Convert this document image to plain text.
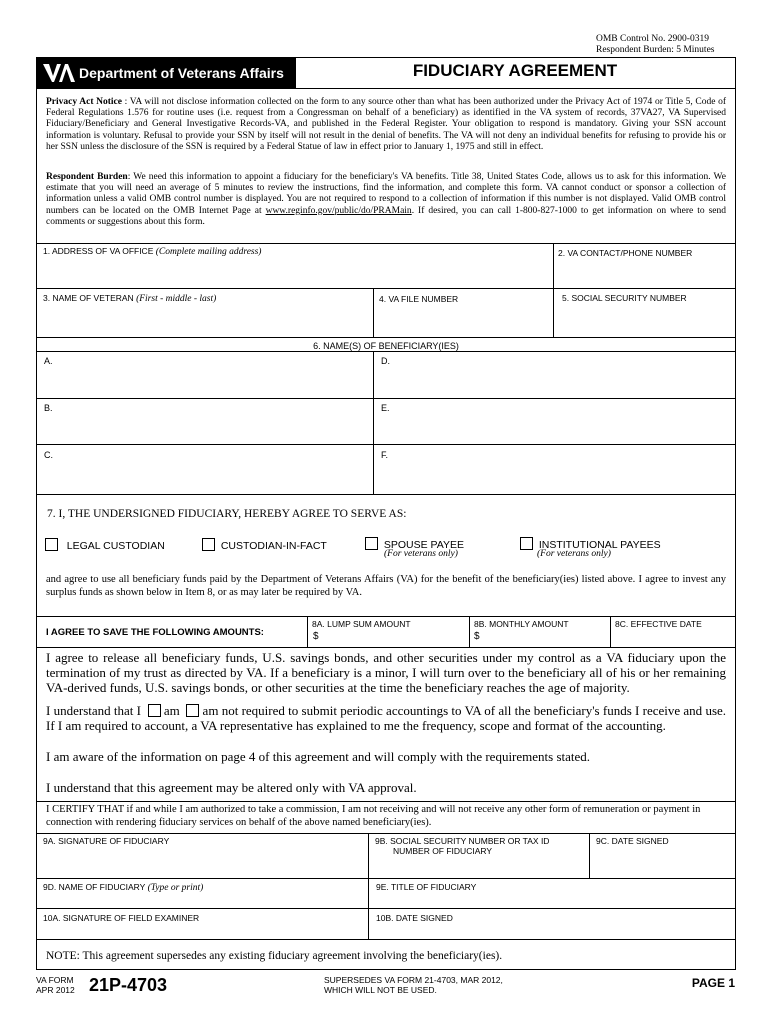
OMB Control No. 2900-0319
Respondent Burden: 5 Minutes
Department of Veterans Affairs	FIDUCIARY AGREEMENT
Privacy Act Notice : VA will not disclose information collected on the form to any source other than what has been authorized under the Privacy Act of 1974 or Title 5, Code of Federal Regulations 1.576 for routine uses (i.e. request from a Congressman on behalf of a beneficiary) as identified in the VA system of records, 37VA27, VA Supervised Fiduciary/Beneficiary and General Investigative Records-VA, and published in the Federal Register. Your obligation to respond is mandatory. Giving your SSN account information is voluntary. Refusal to provide your SSN by itself will not result in the denial of benefits. The VA will not deny an individual benefits for refusing to provide his or her SSN unless the disclosure of the SSN is required by a Federal Statue of law in effect prior to January 1, 1975 and still in effect.
Respondent Burden: We need this information to appoint a fiduciary for the beneficiary's VA benefits. Title 38, United States Code, allows us to ask for this information. We estimate that you will need an average of 5 minutes to review the instructions, find the information, and complete this form. VA cannot conduct or sponsor a collection of information unless a valid OMB control number is displayed. You are not required to respond to a collection of information if this number is not displayed. Valid OMB control numbers can be located on the OMB Internet Page at www.reginfo.gov/public/do/PRAMain. If desired, you can call 1-800-827-1000 to get information on where to send comments or suggestions about this form.
1. ADDRESS OF VA OFFICE (Complete mailing address)	2. VA CONTACT/PHONE NUMBER
3. NAME OF VETERAN (First - middle - last)	4. VA FILE NUMBER	5. SOCIAL SECURITY NUMBER
6. NAME(S) OF BENEFICIARY(IES)
A.	D.
B.	E.
C.	F.
7. I, THE UNDERSIGNED FIDUCIARY, HEREBY AGREE TO SERVE AS:
LEGAL CUSTODIAN	CUSTODIAN-IN-FACT	SPOUSE PAYEE
(For veterans only)
INSTITUTIONAL PAYEES
(For veterans only)
and agree to use all beneficiary funds paid by the Department of Veterans Affairs (VA) for the benefit of the beneficiary(ies) listed above. I agree to invest any surplus funds as shown below in Item 8, or as may later be required by VA.
I AGREE TO SAVE THE FOLLOWING AMOUNTS:
8A. LUMP SUM AMOUNT
$
8B. MONTHLY AMOUNT
$
8C. EFFECTIVE DATE
I agree to release all beneficiary funds, U.S. savings bonds, and other securities under my control as a VA fiduciary upon the termination of my trust as directed by VA. If a beneficiary is a minor, I will turn over to the beneficiary all of his or her remaining VA-derived funds, U.S. savings bonds, or other securities at the time the beneficiary reaches the age of majority.
I understand that I am am not required to submit periodic accountings to VA of all the beneficiary's funds I receive and use. If I am required to account, a VA representative has explained to me the frequency, scope and format of the accounting.
I am aware of the information on page 4 of this agreement and will comply with the requirements stated.
I understand that this agreement may be altered only with VA approval.
I CERTIFY THAT if and while I am authorized to take a commission, I am not receiving and will not receive any other form of remuneration or payment in connection with rendering fiduciary services on behalf of the above named beneficiary(ies).
9A. SIGNATURE OF FIDUCIARY	9B. SOCIAL SECURITY NUMBER OR TAX ID
NUMBER OF FIDUCIARY
9C. DATE SIGNED
9D. NAME OF FIDUCIARY (Type or print)	9E. TITLE OF FIDUCIARY
10A. SIGNATURE OF FIELD EXAMINER	10B. DATE SIGNED
NOTE: This agreement supersedes any existing fiduciary agreement involving the beneficiary(ies).
VA FORM
APR 2012 21P-4703	SUPERSEDES VA FORM 21-4703, MAR 2012,
WHICH WILL NOT BE USED.	PAGE 1
